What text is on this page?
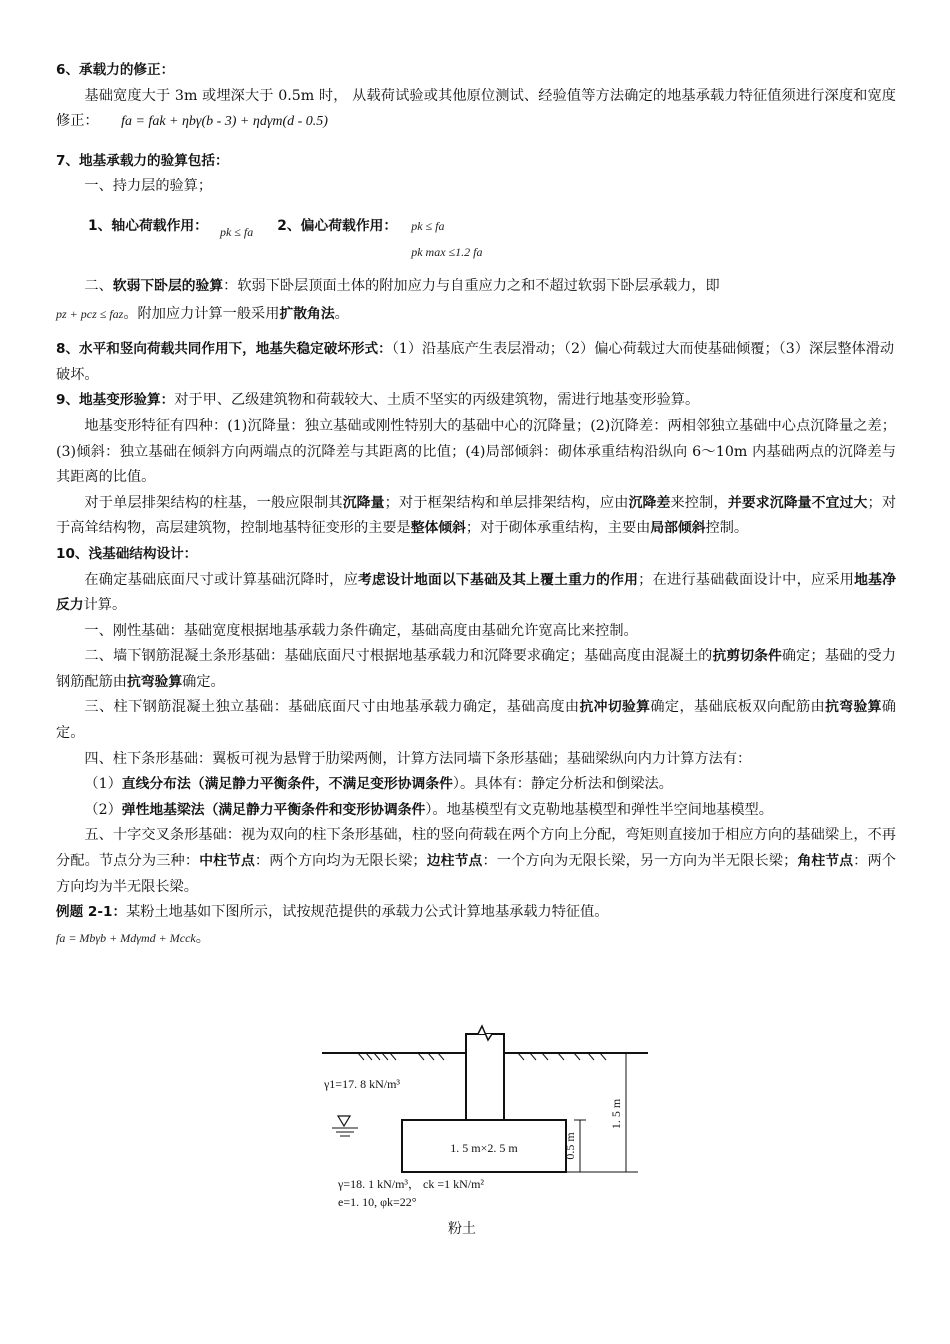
6、承载力的修正：
基础宽度大于 3m 或埋深大于 0.5m 时， 从载荷试验或其他原位测试、经验值等方法确定的地基承载力特征值须进行深度和宽度修正： fa = fak + ηbγ(b - 3) + ηdγm(d - 0.5)
7、地基承载力的验算包括：
一、持力层的验算；
1、轴心荷载作用： pk ≤ fa 2、偏心荷载作用： pk ≤ fa
pk max ≤1.2 fa
二、软弱下卧层的验算：软弱下卧层顶面土体的附加应力与自重应力之和不超过软弱下卧层承载力，即
pz + pcz ≤ faz。附加应力计算一般采用扩散角法。
8、水平和竖向荷载共同作用下，地基失稳定破坏形式：（1）沿基底产生表层滑动；（2）偏心荷载过大而使基础倾覆；（3）深层整体滑动破坏。
9、地基变形验算：对于甲、乙级建筑物和荷载较大、土质不坚实的丙级建筑物，需进行地基变形验算。
地基变形特征有四种：(1)沉降量：独立基础或刚性特别大的基础中心的沉降量；(2)沉降差：两相邻独立基础中心点沉降量之差；(3)倾斜：独立基础在倾斜方向两端点的沉降差与其距离的比值；(4)局部倾斜：砌体承重结构沿纵向 6～10m 内基础两点的沉降差与其距离的比值。
对于单层排架结构的柱基，一般应限制其沉降量；对于框架结构和单层排架结构，应由沉降差来控制，并要求沉降量不宜过大；对于高耸结构物，高层建筑物，控制地基特征变形的主要是整体倾斜；对于砌体承重结构，主要由局部倾斜控制。
10、浅基础结构设计：
在确定基础底面尺寸或计算基础沉降时，应考虑设计地面以下基础及其上覆土重力的作用；在进行基础截面设计中，应采用地基净反力计算。
一、刚性基础：基础宽度根据地基承载力条件确定，基础高度由基础允许宽高比来控制。
二、墙下钢筋混凝土条形基础：基础底面尺寸根据地基承载力和沉降要求确定；基础高度由混凝土的抗剪切条件确定；基础的受力钢筋配筋由抗弯验算确定。
三、柱下钢筋混凝土独立基础：基础底面尺寸由地基承载力确定，基础高度由抗冲切验算确定，基础底板双向配筋由抗弯验算确定。
四、柱下条形基础：翼板可视为悬臂于肋梁两侧，计算方法同墙下条形基础；基础梁纵向内力计算方法有：
（1）直线分布法（满足静力平衡条件，不满足变形协调条件）。具体有：静定分析法和倒梁法。
（2）弹性地基梁法（满足静力平衡条件和变形协调条件）。地基模型有文克勒地基模型和弹性半空间地基模型。
五、十字交叉条形基础：视为双向的柱下条形基础，柱的竖向荷载在两个方向上分配，弯矩则直接加于相应方向的基础梁上，不再分配。节点分为三种：中柱节点：两个方向均为无限长梁；边柱节点：一个方向为无限长梁，另一方向为半无限长梁；角柱节点：两个方向均为半无限长梁。
例题 2-1：某粉土地基如下图所示，试按规范提供的承载力公式计算地基承载力特征值。
fa = Mbγb + Mdγmd + Mcck。
1. 5 m×2. 5 m
γ1=17. 8 kN/m³
0.5 m
1. 5 m
γ=18. 1 kN/m³， ck =1 kN/m²
e=1. 10, φk=22°
粉土
